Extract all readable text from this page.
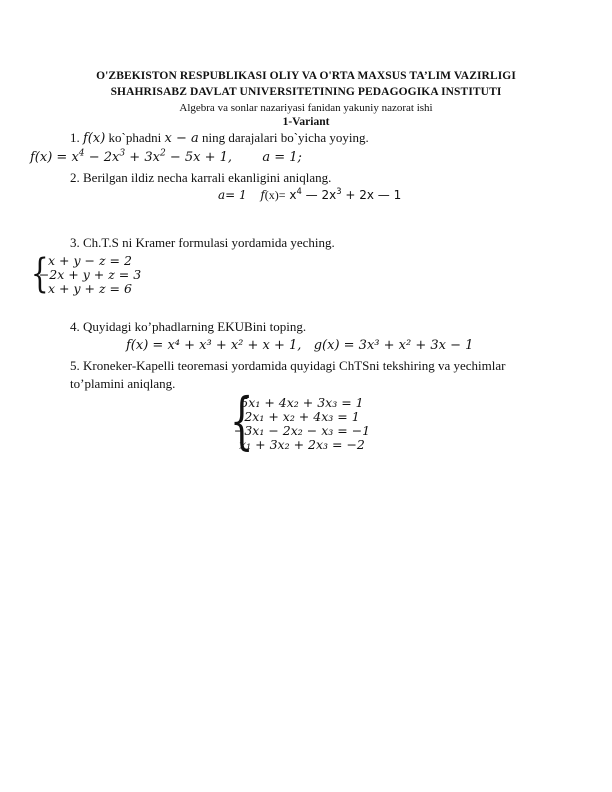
O'ZBEKISTON RESPUBLIKASI OLIY VA O'RTA MAXSUS TA’LIM VAZIRLIGI
SHAHRISABZ DAVLAT UNIVERSITETINING PEDAGOGIKA INSTITUTI
Algebra va sonlar nazariyasi fanidan yakuniy nazorat ishi
1-Variant
1. f(x) ko`phadni x − a ning darajalari bo`yicha yoying.
$f(x) = x^4 - 2x^3 + 3x^2 - 5x + 1$, a = 1;
2. Berilgan ildiz necha karrali ekanligini aniqlang.
a= 1 $f(x)= x^4$ — $2x^3 + 2x$ — 1
3. Ch.T.S ni Kramer formulasi yordamida yeching.
{ x + y − z = 2
−2x + y + z = 3
x + y + z = 6
4. Quyidagi ko’phadlarning EKUBini toping.
f(x) = x⁴ + x³ + x² + x + 1, g(x) = 3x³ + x² + 3x − 1
5. Kroneker-Kapelli teoremasi yordamida quyidagi ChTSni tekshiring va yechimlar
to’plamini aniqlang.
{
5x₁ + 4x₂ + 3x₃ = 1
2x₁ + x₂ + 4x₃ = 1
−3x₁ − 2x₂ − x₃ = −1
x₁ + 3x₂ + 2x₃ = −2
